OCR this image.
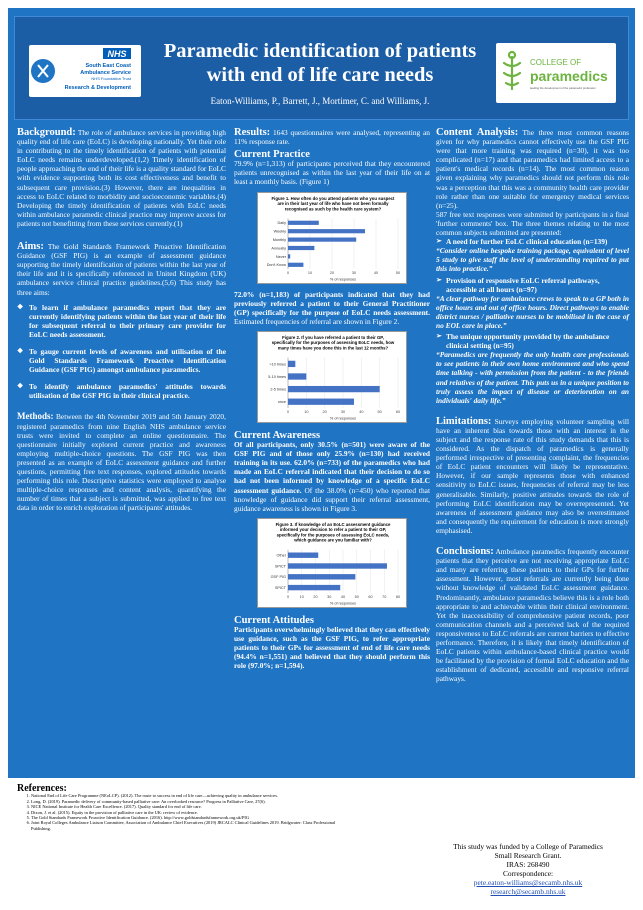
NHS
South East Coast
Ambulance Service
NHS Foundation Trust
Research & Development
Paramedic identification of patients with end of life care needs
Eaton-Williams, P., Barrett, J., Mortimer, C. and Williams, J.
COLLEGE OF
paramedics
leading the development of the paramedic profession
Background: The role of ambulance services in providing high quality end of life care (EoLC) is developing nationally. Yet their role in contributing to the timely identification of patients with potential EoLC needs remains underdeveloped.(1,2) Timely identification of people approaching the end of their life is a quality standard for EoLC with evidence supporting both its cost effectiveness and benefit to subsequent care provision.(3) However, there are inequalities in access to EoLC related to morbidity and socioeconomic variables.(4) Developing the timely identification of patients with EoLC needs within ambulance paramedic clinical practice may improve access for patients not benefitting from these services currently.(1)
Aims: The Gold Standards Framework Proactive Identification Guidance (GSF PIG) is an example of assessment guidance supporting the timely identification of patients within the last year of their life and it is specifically referenced in United Kingdom (UK) ambulance service clinical practice guidelines.(5,6) This study has three aims:
❖ To learn if ambulance paramedics report that they are currently identifying patients within the last year of their life for subsequent referral to their primary care provider for EoLC needs assessment.
❖ To gauge current levels of awareness and utilisation of the Gold Standards Framework Proactive Identification Guidance (GSF PIG) amongst ambulance paramedics.
❖ To identify ambulance paramedics' attitudes towards utilisation of the GSF PIG in their clinical practice.
Methods: Between the 4th November 2019 and 5th January 2020, registered paramedics from nine English NHS ambulance service trusts were invited to complete an online questionnaire. The questionnaire initially explored current practice and awareness employing multiple-choice questions. The GSF PIG was then presented as an example of EoLC assessment guidance and further questions, permitting free text responses, explored attitudes towards performing this role. Descriptive statistics were employed to analyse multiple-choice responses and content analysis, quantifying the number of times that a subject is submitted, was applied to free text data in order to enrich exploration of participants' attitudes.
Results: 1643 questionnaires were analysed, representing an 11% response rate.
Current Practice
79.9% (n=1,313) of participants perceived that they encountered patients unrecognised as within the last year of their life on at least a monthly basis. (Figure 1)
Figure 1. How often do you attend patients who you suspect
are in their last year of life who have not been formally
recognised as such by the health care system?
0	10	20	30	40	50
Daily
Weekly
Monthly
Annually
Never
Don't Know
% of responses
72.0% (n=1,183) of participants indicated that they had previously referred a patient to their General Practitioner (GP) specifically for the purpose of EoLC needs assessment. Estimated frequencies of referral are shown in Figure 2.
Figure 2. If you have referred a patient to their GP,
specifically for the purposes of assessing EoLC needs, how
many times have you done this in the last 12 months?
0	10	20	30	40	50	60
>10 times
5-10 times
2-5 times
once
% of responses
Current Awareness
Of all participants, only 30.5% (n=501) were aware of the GSF PIG and of those only 25.9% (n=130) had received training in its use. 62.0% (n=733) of the paramedics who had made an EoLC referral indicated that their decision to do so had not been informed by knowledge of a specific EoLC assessment guidance. Of the 38.0% (n=450) who reported that knowledge of guidance did support their referral assessment, guidance awareness is shown in Figure 3.
Figure 3. If knowledge of an EoLC assessment guidance
informed your decision to refer a patient to their GP,
specifically for the purposes of assessing EoLC needs,
which guidance are you familiar with?
0	10	20	30	40	50	60	70	80
Other
SPICT
GSF PIG
SPICT
% of responses
Current Attitudes
Participants overwhelmingly believed that they can effectively use guidance, such as the GSF PIG, to refer appropriate patients to their GPs for assessment of end of life care needs (94.4% n=1,551) and believed that they should perform this role (97.0%; n=1,594).
Content Analysis: The three most common reasons given for why paramedics cannot effectively use the GSF PIG were that more training was required (n=30), it was too complicated (n=17) and that paramedics had limited access to a patient's medical records (n=14). The most common reason given explaining why paramedics should not perform this role was a perception that this was a community health care provider role rather than one suitable for emergency medical services (n=25).
587 free text responses were submitted by participants in a final 'further comments' box. The three themes relating to the most common subjects submitted are presented:
➢ A need for further EoLC clinical education (n=139)
“Consider online bespoke training package, equivalent of level 5 study to give staff the level of understanding required to put this into practice.”
➢ Provision of responsive EoLC referral pathways, accessible at all hours (n=97)
“A clear pathway for ambulance crews to speak to a GP both in office hours and out of office hours. Direct pathways to enable district nurses / palliative nurses to be mobilised in the case of no EOL care in place.”
➢ The unique opportunity provided by the ambulance clinical setting (n=95)
“Paramedics are frequently the only health care professionals to see patients in their own home environment and who spend time talking - with permission from the patient - to the friends and relatives of the patient. This puts us in a unique position to truly assess the impact of disease or deterioration on an individuals' daily life.”
Limitations: Surveys employing volunteer sampling will have an inherent bias towards those with an interest in the subject and the response rate of this study demands that this is considered. As the dispatch of paramedics is generally performed irrespective of presenting complaint, the frequencies of EoLC patient encounters will likely be representative. However, if our sample represents those with enhanced sensitivity to EoLC issues, frequencies of referral may be less generalisable. Similarly, positive attitudes towards the role of performing EoLC identification may be overrepresented. Yet awareness of assessment guidance may also be overestimated and consequently the requirement for education is more strongly emphasised.
Conclusions: Ambulance paramedics frequently encounter patients that they perceive are not receiving appropriate EoLC and many are referring these patients to their GPs for further assessment. However, most referrals are currently being done without knowledge of validated EoLC assessment guidance. Predominantly, ambulance paramedics believe this is a role both appropriate to and achievable within their clinical environment. Yet the inaccessibility of comprehensive patient records, poor communication channels and a perceived lack of the required responsiveness to EoLC referrals are current barriers to effective performance. Therefore, it is likely that timely identification of EoLC patients within ambulance-based clinical practice would be facilitated by the provision of formal EoLC education and the establishment of dedicated, accessible and responsive referral pathways.
References:
1. National End of Life Care Programme (NEoLCP). (2012). The route to success in end of life care—achieving quality in ambulance services.
2. Long, D. (2019). Paramedic delivery of community-based palliative care: An overlooked resource? Progress in Palliative Care, 27(6).
3. NICE National Institute for Health Care Excellence. (2017). Quality standard for end of life care.
4. Dixon, J. et al. (2015). Equity in the provision of palliative care in the UK: review of evidence.
5. The Gold Standards Framework Proactive Identification Guidance. (2016). http://www.goldstandardsframework.org.uk/PIG
6. Joint Royal Colleges Ambulance Liaison Committee, Association of Ambulance Chief Executives (2019) JRCALC Clinical Guidelines 2019. Bridgwater: Class Professional Publishing.
This study was funded by a College of Paramedics
Small Research Grant.
IRAS: 268490
Correspondence:
pete.eaton-williams@secamb.nhs.uk
research@secamb.nhs.uk
